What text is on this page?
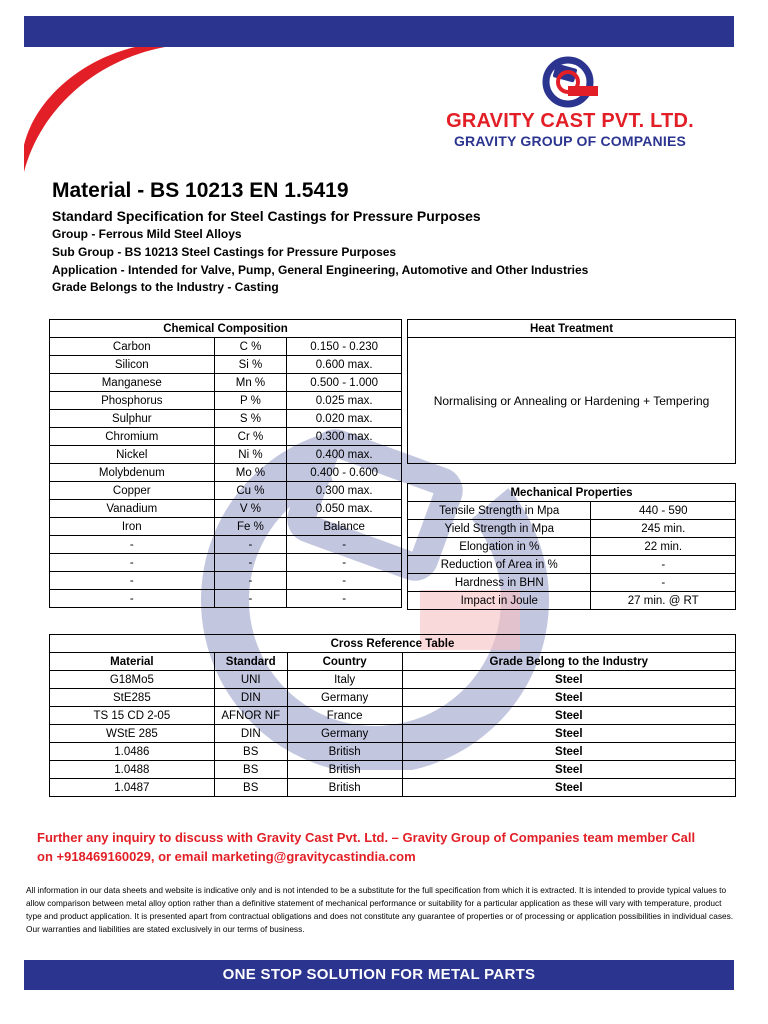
GRAVITY CAST PVT. LTD.
GRAVITY GROUP OF COMPANIES
Material - BS 10213 EN 1.5419
Standard Specification for Steel Castings for Pressure Purposes
Group - Ferrous Mild Steel Alloys
Sub Group - BS 10213 Steel Castings for Pressure Purposes
Application - Intended for Valve, Pump, General Engineering, Automotive and Other Industries
Grade Belongs to the Industry - Casting
Chemical Composition		
Carbon	C %	0.150 - 0.230
Silicon	Si %	0.600 max.
Manganese	Mn %	0.500 - 1.000
Phosphorus	P %	0.025 max.
Sulphur	S %	0.020 max.
Chromium	Cr %	0.300 max.
Nickel	Ni %	0.400 max.
Molybdenum	Mo %	0.400 - 0.600
Copper	Cu %	0.300 max.
Vanadium	V %	0.050 max.
Iron	Fe %	Balance
-	-	-
-	-	-
-	-	-
-	-	-
Heat Treatment
Normalising or Annealing or Hardening + Tempering
Mechanical Properties	
Tensile Strength in Mpa	440 - 590
Yield Strength in Mpa	245 min.
Elongation in %	22 min.
Reduction of Area in %	-
Hardness in BHN	-
Impact in Joule	27 min. @ RT
Cross Reference Table			
Material	Standard	Country	Grade Belong to the Industry
G18Mo5	UNI	Italy	Steel
StE285	DIN	Germany	Steel
TS 15 CD 2-05	AFNOR NF	France	Steel
WStE 285	DIN	Germany	Steel
1.0486	BS	British	Steel
1.0488	BS	British	Steel
1.0487	BS	British	Steel
Further any inquiry to discuss with Gravity Cast Pvt. Ltd. – Gravity Group of Companies team member Call
on +918469160029, or email marketing@gravitycastindia.com
All information in our data sheets and website is indicative only and is not intended to be a substitute for the full specification from which it is extracted. It is intended to provide typical values to allow comparison between metal alloy option rather than a definitive statement of mechanical performance or suitability for a particular application as these will vary with temperature, product type and product application. It is presented apart from contractual obligations and does not constitute any guarantee of properties or of processing or application possibilities in individual cases. Our warranties and liabilities are stated exclusively in our terms of business.
ONE STOP SOLUTION FOR METAL PARTS
